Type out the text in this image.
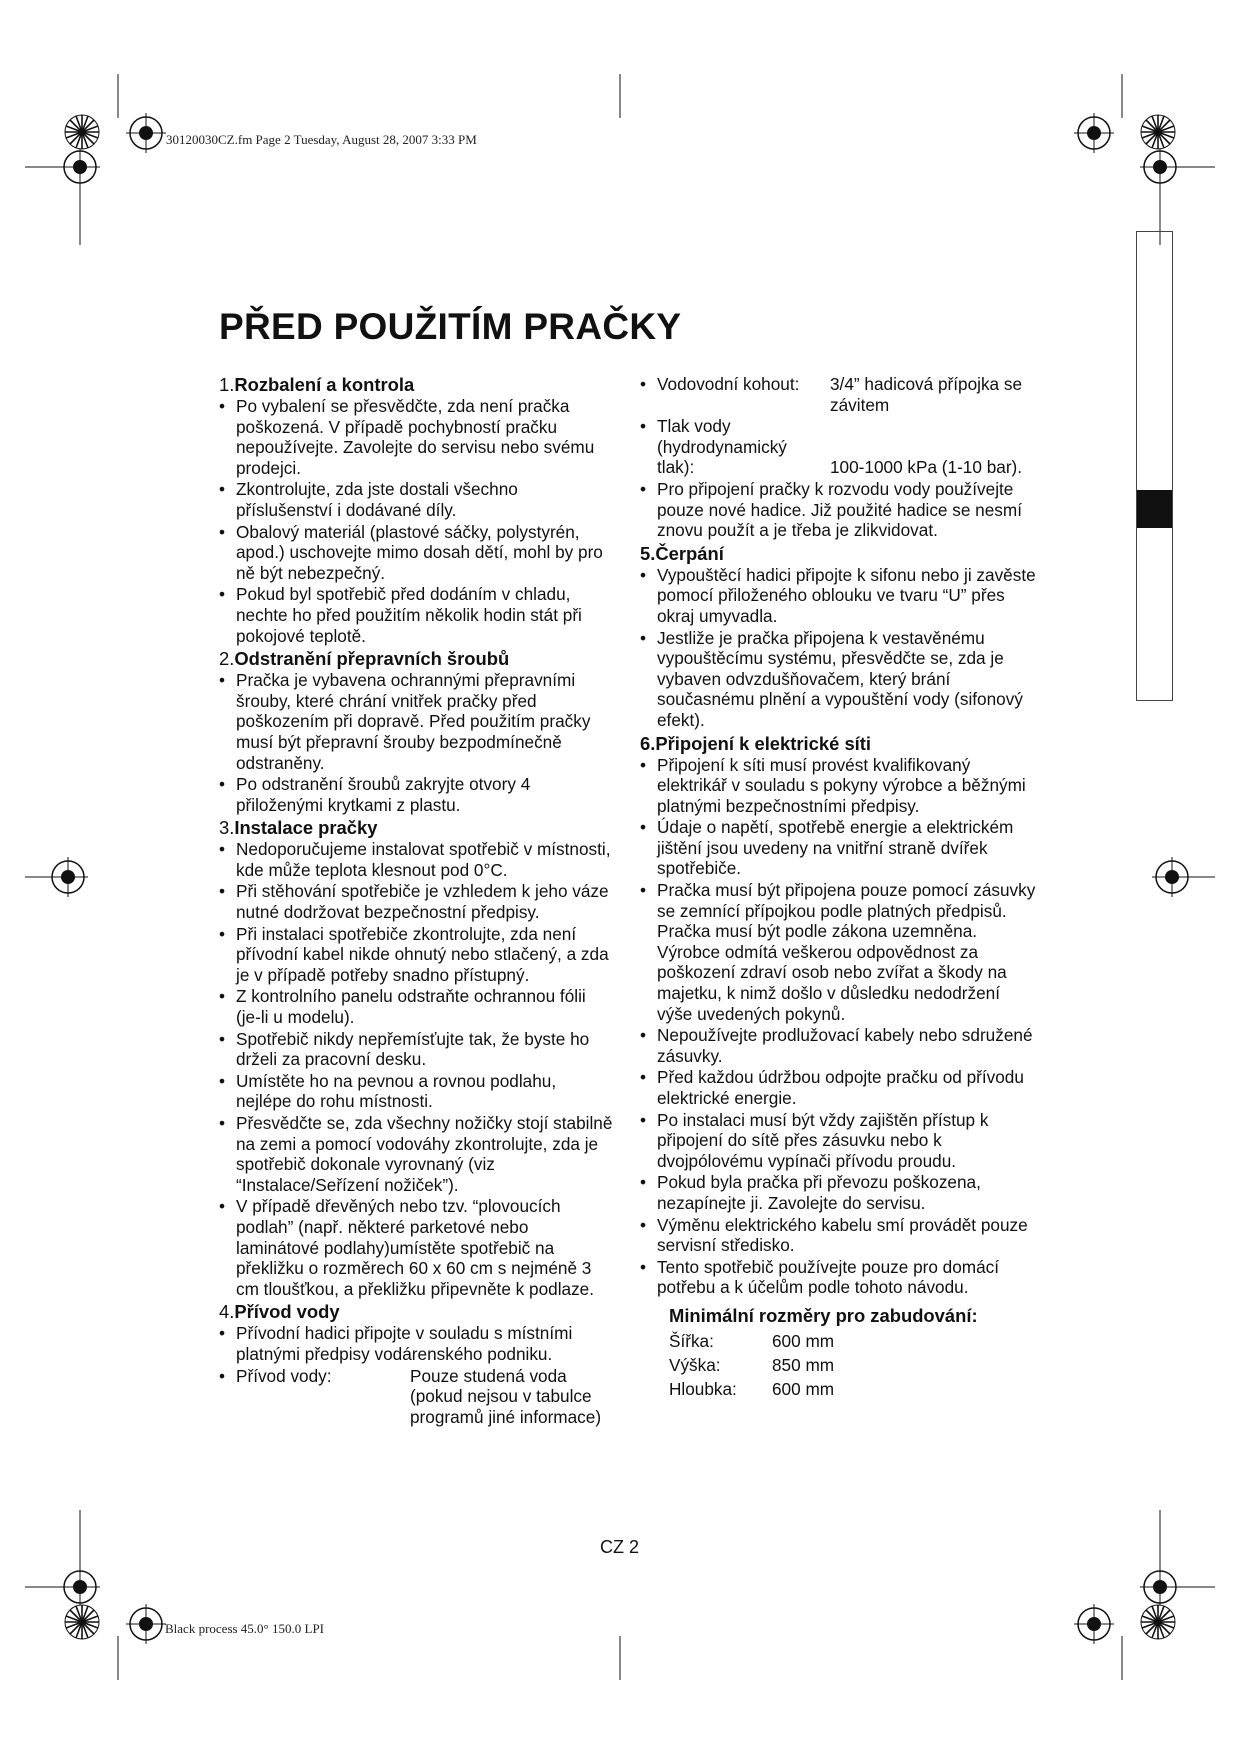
30120030CZ.fm Page 2 Tuesday, August 28, 2007 3:33 PM
Black process 45.0° 150.0 LPI
PŘED POUŽITÍM PRAČKY
1.Rozbalení a kontrola
• Po vybalení se přesvědčte, zda není pračka poškozená. V případě pochybností pračku nepoužívejte. Zavolejte do servisu nebo svému prodejci.
• Zkontrolujte, zda jste dostali všechno příslušenství i dodávané díly.
• Obalový materiál (plastové sáčky, polystyrén, apod.) uschovejte mimo dosah dětí, mohl by pro ně být nebezpečný.
• Pokud byl spotřebič před dodáním v chladu, nechte ho před použitím několik hodin stát při pokojové teplotě.
2.Odstranění přepravních šroubů
• Pračka je vybavena ochrannými přepravními šrouby, které chrání vnitřek pračky před poškozením při dopravě. Před použitím pračky musí být přepravní šrouby bezpodmínečně odstraněny.
• Po odstranění šroubů zakryjte otvory 4 přiloženými krytkami z plastu.
3.Instalace pračky
• Nedoporučujeme instalovat spotřebič v místnosti, kde může teplota klesnout pod 0°C.
• Při stěhování spotřebiče je vzhledem k jeho váze nutné dodržovat bezpečnostní předpisy.
• Při instalaci spotřebiče zkontrolujte, zda není přívodní kabel nikde ohnutý nebo stlačený, a zda je v případě potřeby snadno přístupný.
• Z kontrolního panelu odstraňte ochrannou fólii (je-li u modelu).
• Spotřebič nikdy nepřemísťujte tak, že byste ho drželi za pracovní desku.
• Umístěte ho na pevnou a rovnou podlahu, nejlépe do rohu místnosti.
• Přesvědčte se, zda všechny nožičky stojí stabilně na zemi a pomocí vodováhy zkontrolujte, zda je spotřebič dokonale vyrovnaný (viz “Instalace/Seřízení nožiček”).
• V případě dřevěných nebo tzv. “plovoucích podlah” (např. některé parketové nebo laminátové podlahy)umístěte spotřebič na překližku o rozměrech 60 x 60 cm s nejméně 3 cm tloušťkou, a překližku připevněte k podlaze.
4.Přívod vody
• Přívodní hadici připojte v souladu s místními platnými předpisy vodárenského podniku.
• Přívod vody:	Pouze studená voda (pokud nejsou v tabulce programů jiné informace)
• Vodovodní kohout:	3/4” hadicová přípojka se závitem
• Tlak vody (hydrodynamický tlak):	100-1000 kPa (1-10 bar).
• Pro připojení pračky k rozvodu vody používejte pouze nové hadice. Již použité hadice se nesmí znovu použít a je třeba je zlikvidovat.
5.Čerpání
• Vypouštěcí hadici připojte k sifonu nebo ji zavěste pomocí přiloženého oblouku ve tvaru “U” přes okraj umyvadla.
• Jestliže je pračka připojena k vestavěnému vypouštěcímu systému, přesvědčte se, zda je vybaven odvzdušňovačem, který brání současnému plnění a vypouštění vody (sifonový efekt).
6.Připojení k elektrické síti
• Připojení k síti musí provést kvalifikovaný elektrikář v souladu s pokyny výrobce a běžnými platnými bezpečnostními předpisy.
• Údaje o napětí, spotřebě energie a elektrickém jištění jsou uvedeny na vnitřní straně dvířek spotřebiče.
• Pračka musí být připojena pouze pomocí zásuvky se zemnící přípojkou podle platných předpisů. Pračka musí být podle zákona uzemněna. Výrobce odmítá veškerou odpovědnost za poškození zdraví osob nebo zvířat a škody na majetku, k nimž došlo v důsledku nedodržení výše uvedených pokynů.
• Nepoužívejte prodlužovací kabely nebo sdružené zásuvky.
• Před každou údržbou odpojte pračku od přívodu elektrické energie.
• Po instalaci musí být vždy zajištěn přístup k připojení do sítě přes zásuvku nebo k dvojpólovému vypínači přívodu proudu.
• Pokud byla pračka při převozu poškozena, nezapínejte ji. Zavolejte do servisu.
• Výměnu elektrického kabelu smí provádět pouze servisní středisko.
• Tento spotřebič používejte pouze pro domácí potřebu a k účelům podle tohoto návodu.
Minimální rozměry pro zabudování:
Šířka:	600 mm
Výška:	850 mm
Hloubka:	600 mm
CZ 2
